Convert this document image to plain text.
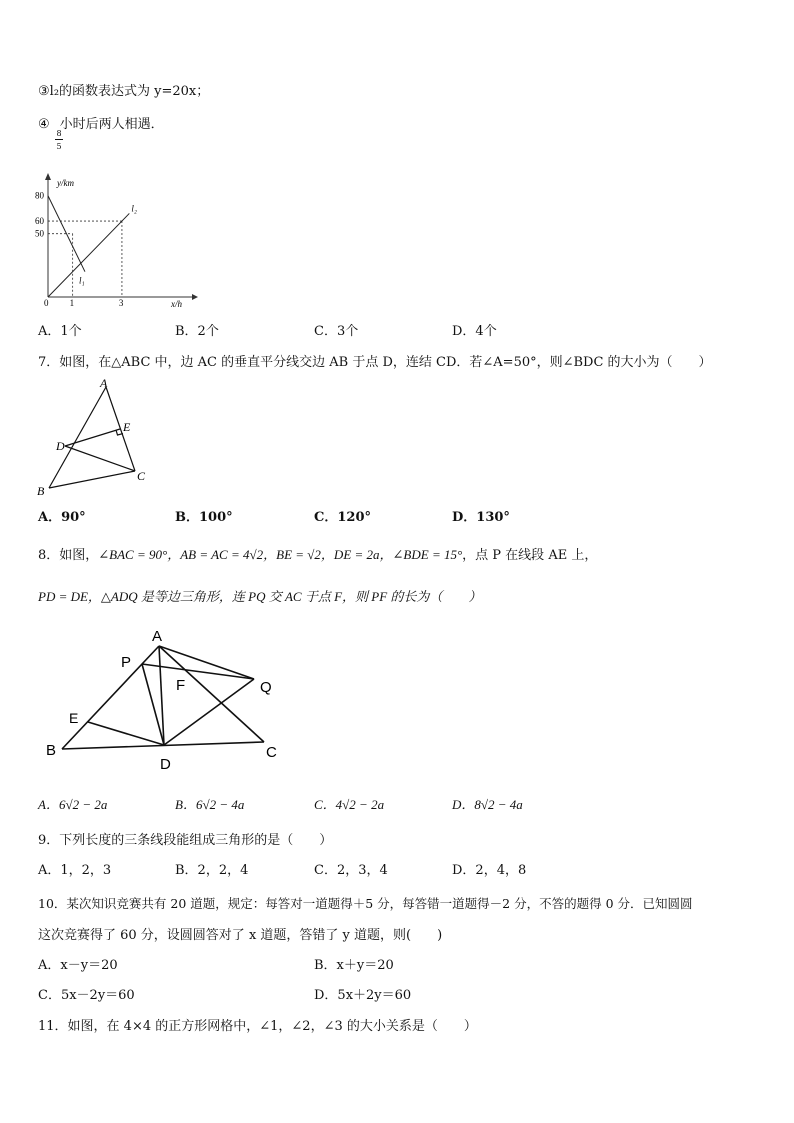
③l₂的函数表达式为 y=20x；
④ 小时后两人相遇．
8
5
y/km
x/h
0 1	3
80
60
50
l₁
l₂
A．1个	B．2个	C．3个	D．4个
7．如图，在△ABC 中，边 AC 的垂直平分线交边 AB 于点 D，连结 CD．若∠A=50°，则∠BDC 的大小为（　　）
A
E
D
C
B
A．90°	B．100°	C．120°	D．130°
8．如图，∠BAC = 90°，AB = AC = 4√2，BE = √2，DE = 2a，∠BDE = 15°，点 P 在线段 AE 上，
PD = DE，△ADQ 是等边三角形，连 PQ 交 AC 于点 F，则 PF 的长为（　　）
A
P
F	Q
E
B
D
C
A．6√2 − 2a	B．6√2 − 4a	C．4√2 − 2a	D．8√2 − 4a
9．下列长度的三条线段能组成三角形的是（　　）
A．1，2，3	B．2，2，4	C．2，3，4	D．2，4，8
10．某次知识竞赛共有 20 道题，规定：每答对一道题得＋5 分，每答错一道题得－2 分，不答的题得 0 分．已知圆圆
这次竞赛得了 60 分，设圆圆答对了 x 道题，答错了 y 道题，则(　　)
A．x－y＝20	B．x＋y＝20
C．5x－2y＝60	D．5x＋2y＝60
11．如图，在 4×4 的正方形网格中，∠1，∠2，∠3 的大小关系是（　　）
